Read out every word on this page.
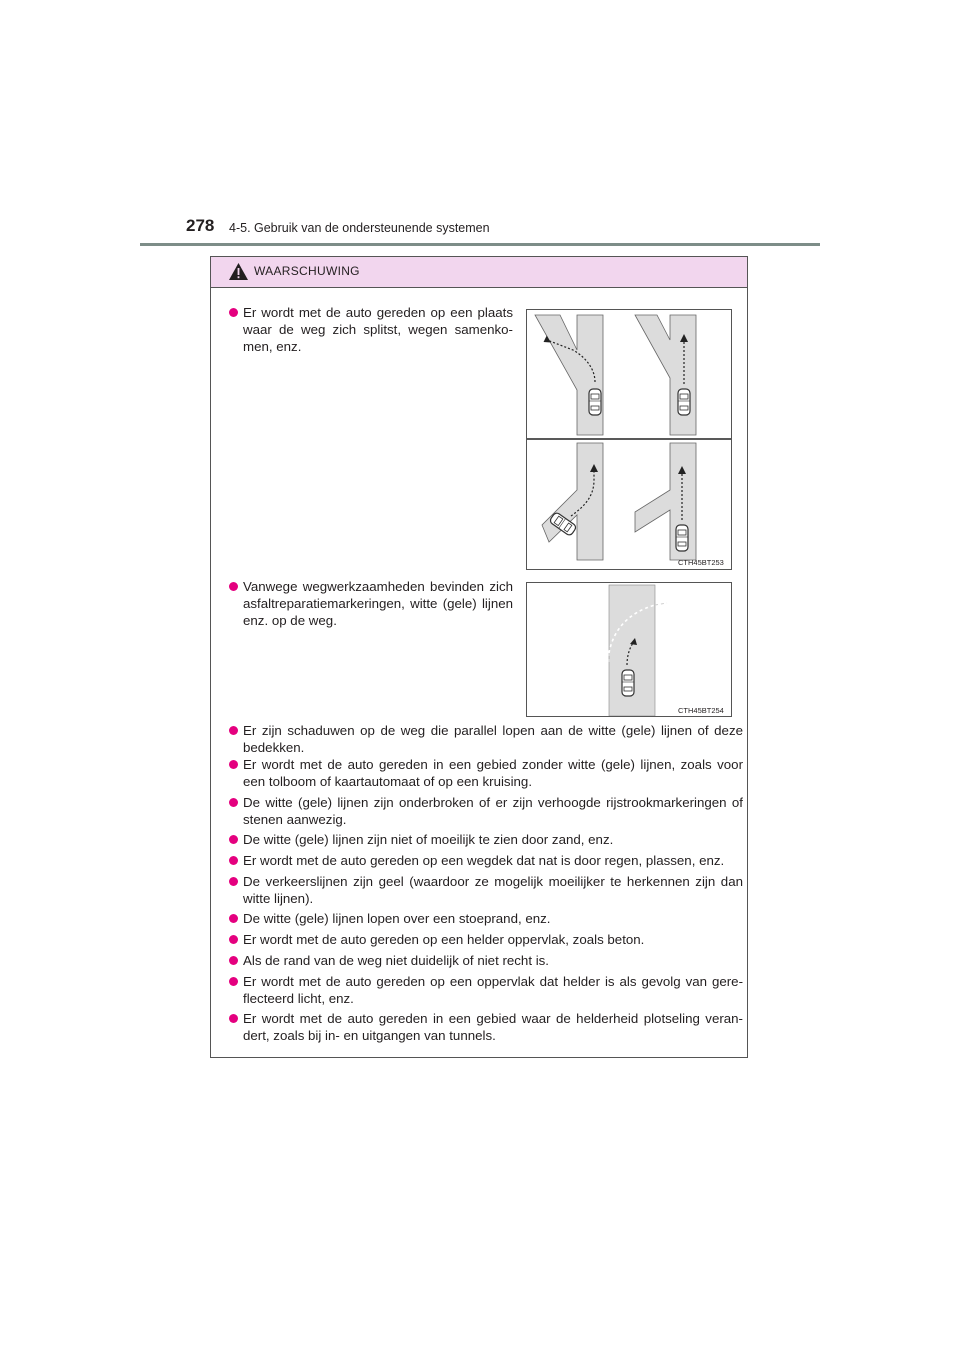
278 4-5. Gebruik van de ondersteunende systemen
WAARSCHUWING
Er wordt met de auto gereden op een plaats waar de weg zich splitst, wegen samenko-men, enz.
CTH45BT253
Vanwege wegwerkzaamheden bevinden zich asfaltreparatiemarkeringen, witte (gele) lijnen enz. op de weg.
CTH45BT254
Er zijn schaduwen op de weg die parallel lopen aan de witte (gele) lijnen of deze bedekken.
Er wordt met de auto gereden in een gebied zonder witte (gele) lijnen, zoals voor een tolboom of kaartautomaat of op een kruising.
De witte (gele) lijnen zijn onderbroken of er zijn verhoogde rijstrookmarkeringen of stenen aanwezig.
De witte (gele) lijnen zijn niet of moeilijk te zien door zand, enz.
Er wordt met de auto gereden op een wegdek dat nat is door regen, plassen, enz.
De verkeerslijnen zijn geel (waardoor ze mogelijk moeilijker te herkennen zijn dan witte lijnen).
De witte (gele) lijnen lopen over een stoeprand, enz.
Er wordt met de auto gereden op een helder oppervlak, zoals beton.
Als de rand van de weg niet duidelijk of niet recht is.
Er wordt met de auto gereden op een oppervlak dat helder is als gevolg van gere-flecteerd licht, enz.
Er wordt met de auto gereden in een gebied waar de helderheid plotseling veran-dert, zoals bij in- en uitgangen van tunnels.
